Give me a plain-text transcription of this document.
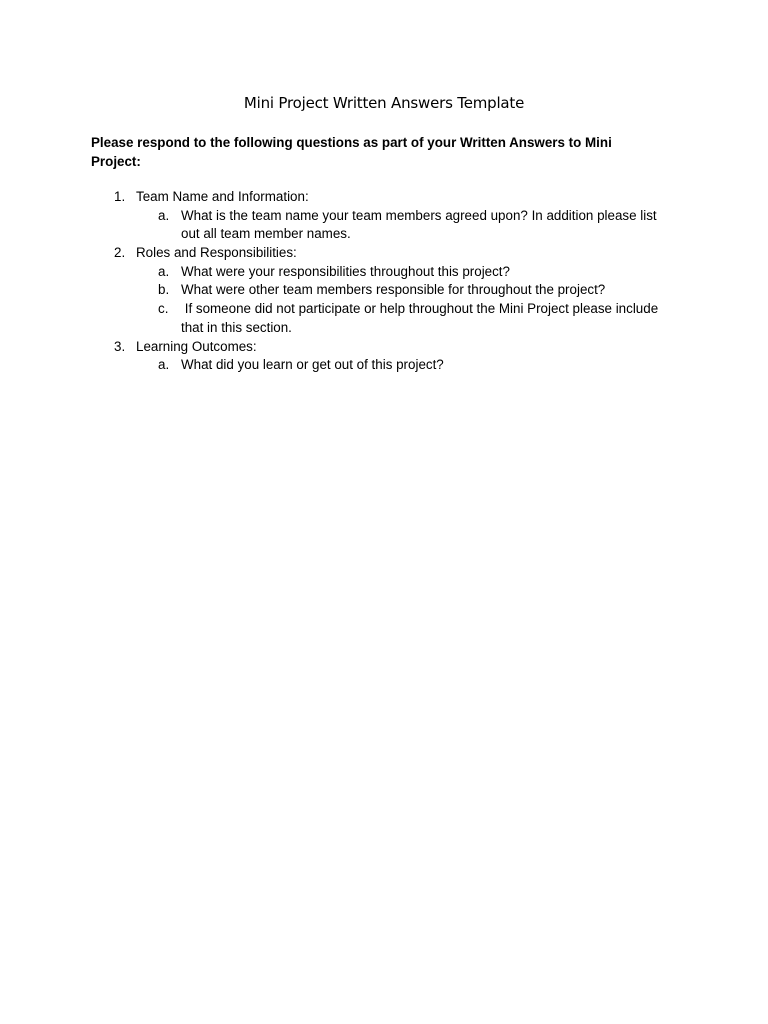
Mini Project Written Answers Template

Please respond to the following questions as part of your Written Answers to Mini Project:

1. Team Name and Information:
a. What is the team name your team members agreed upon? In addition please list
out all team member names.
2. Roles and Responsibilities:
a. What were your responsibilities throughout this project?
b. What were other team members responsible for throughout the project?
c. If someone did not participate or help throughout the Mini Project please include
that in this section.
3. Learning Outcomes:
a. What did you learn or get out of this project?
